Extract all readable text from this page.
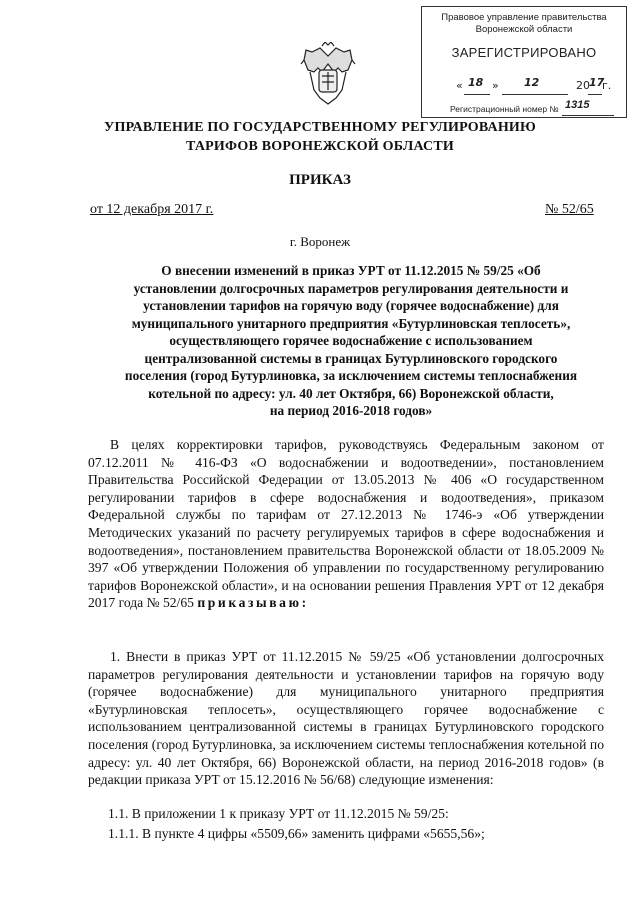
Правовое управление правительства
Воронежской области
ЗАРЕГИСТРИРОВАНО
« 18 » 12	20 17
г.
Регистрационный номер № 1315
УПРАВЛЕНИЕ ПО ГОСУДАРСТВЕННОМУ РЕГУЛИРОВАНИЮ
ТАРИФОВ ВОРОНЕЖСКОЙ ОБЛАСТИ
ПРИКАЗ
от 12 декабря 2017 г.	№ 52/65
г. Воронеж
О внесении изменений в приказ УРТ от 11.12.2015 № 59/25 «Об
установлении долгосрочных параметров регулирования деятельности и
установлении тарифов на горячую воду (горячее водоснабжение) для
муниципального унитарного предприятия «Бутурлиновская теплосеть»,
осуществляющего горячее водоснабжение с использованием
централизованной системы в границах Бутурлиновского городского
поселения (город Бутурлиновка, за исключением системы теплоснабжения
котельной по адресу: ул. 40 лет Октября, 66) Воронежской области,
на период 2016-2018 годов»

В целях корректировки тарифов, руководствуясь Федеральным законом от 07.12.2011 № 416-ФЗ «О водоснабжении и водоотведении», постановлением Правительства Российской Федерации от 13.05.2013 № 406 «О государственном регулировании тарифов в сфере водоснабжения и водоотведения», приказом Федеральной службы по тарифам от 27.12.2013 № 1746-э «Об утверждении Методических указаний по расчету регулируемых тарифов в сфере водоснабжения и водоотведения», постановлением правительства Воронежской области от 18.05.2009 № 397 «Об утверждении Положения об управлении по государственному регулированию тарифов Воронежской области», и на основании решения Правления УРТ от 12 декабря 2017 года № 52/65 приказываю:

1. Внести в приказ УРТ от 11.12.2015 № 59/25 «Об установлении долгосрочных параметров регулирования деятельности и установлении тарифов на горячую воду (горячее водоснабжение) для муниципального унитарного предприятия «Бутурлиновская теплосеть», осуществляющего горячее водоснабжение с использованием централизованной системы в границах Бутурлиновского городского поселения (город Бутурлиновка, за исключением системы теплоснабжения котельной по адресу: ул. 40 лет Октября, 66) Воронежской области, на период 2016-2018 годов» (в редакции приказа УРТ от 15.12.2016 № 56/68) следующие изменения:

1.1. В приложении 1 к приказу УРТ от 11.12.2015 № 59/25:
1.1.1. В пункте 4 цифры «5509,66» заменить цифрами «5655,56»;
